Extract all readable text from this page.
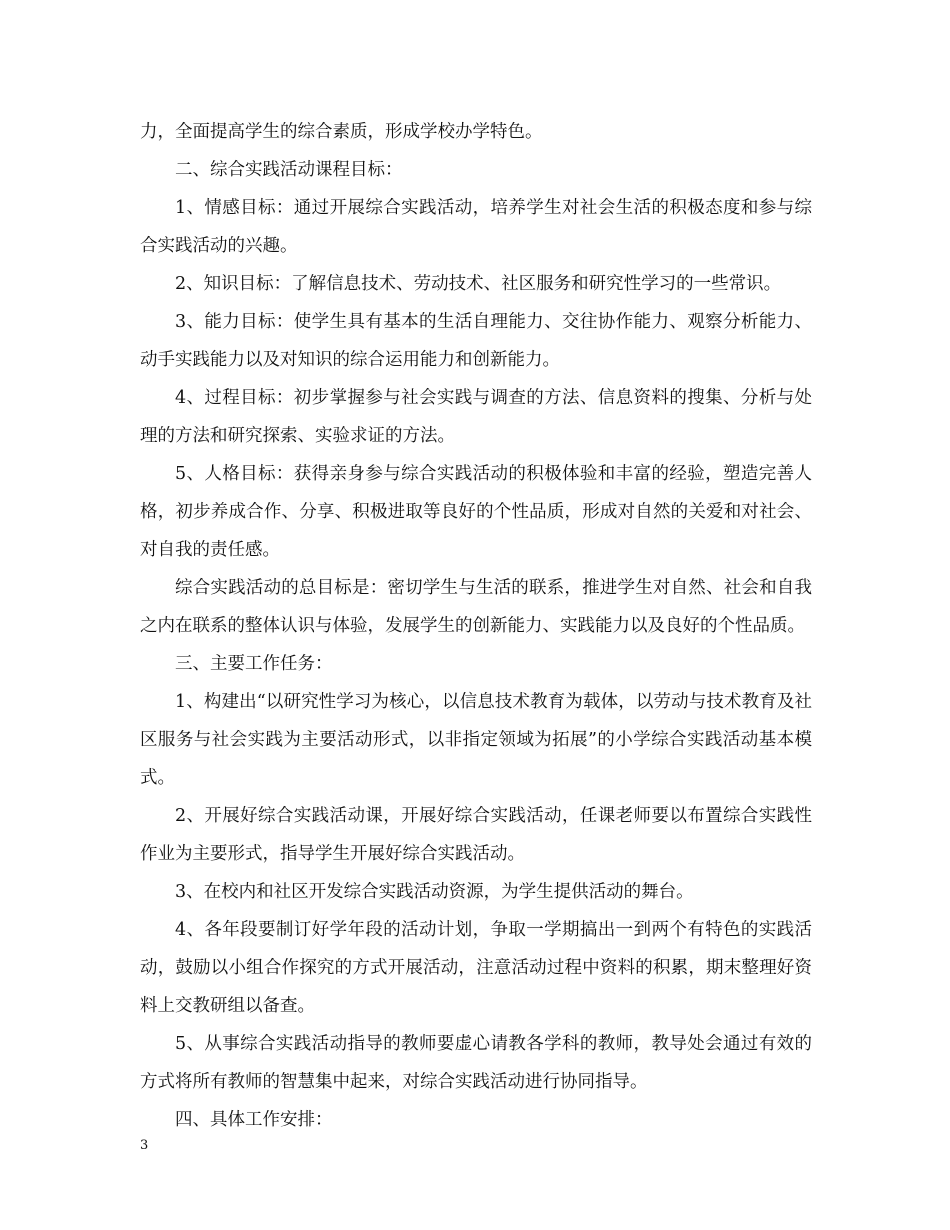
力，全面提高学生的综合素质，形成学校办学特色。

二、综合实践活动课程目标：

1、情感目标：通过开展综合实践活动，培养学生对社会生活的积极态度和参与综合实践活动的兴趣。

2、知识目标：了解信息技术、劳动技术、社区服务和研究性学习的一些常识。

3、能力目标：使学生具有基本的生活自理能力、交往协作能力、观察分析能力、动手实践能力以及对知识的综合运用能力和创新能力。

4、过程目标：初步掌握参与社会实践与调查的方法、信息资料的搜集、分析与处理的方法和研究探索、实验求证的方法。

5、人格目标：获得亲身参与综合实践活动的积极体验和丰富的经验，塑造完善人格，初步养成合作、分享、积极进取等良好的个性品质，形成对自然的关爱和对社会、对自我的责任感。

综合实践活动的总目标是：密切学生与生活的联系，推进学生对自然、社会和自我之内在联系的整体认识与体验，发展学生的创新能力、实践能力以及良好的个性品质。

三、主要工作任务：

1、构建出“以研究性学习为核心，以信息技术教育为载体，以劳动与技术教育及社区服务与社会实践为主要活动形式，以非指定领域为拓展”的小学综合实践活动基本模式。

2、开展好综合实践活动课，开展好综合实践活动，任课老师要以布置综合实践性作业为主要形式，指导学生开展好综合实践活动。

3、在校内和社区开发综合实践活动资源，为学生提供活动的舞台。

4、各年段要制订好学年段的活动计划，争取一学期搞出一到两个有特色的实践活动，鼓励以小组合作探究的方式开展活动，注意活动过程中资料的积累，期末整理好资料上交教研组以备查。

5、从事综合实践活动指导的教师要虚心请教各学科的教师，教导处会通过有效的方式将所有教师的智慧集中起来，对综合实践活动进行协同指导。

四、具体工作安排：

3
